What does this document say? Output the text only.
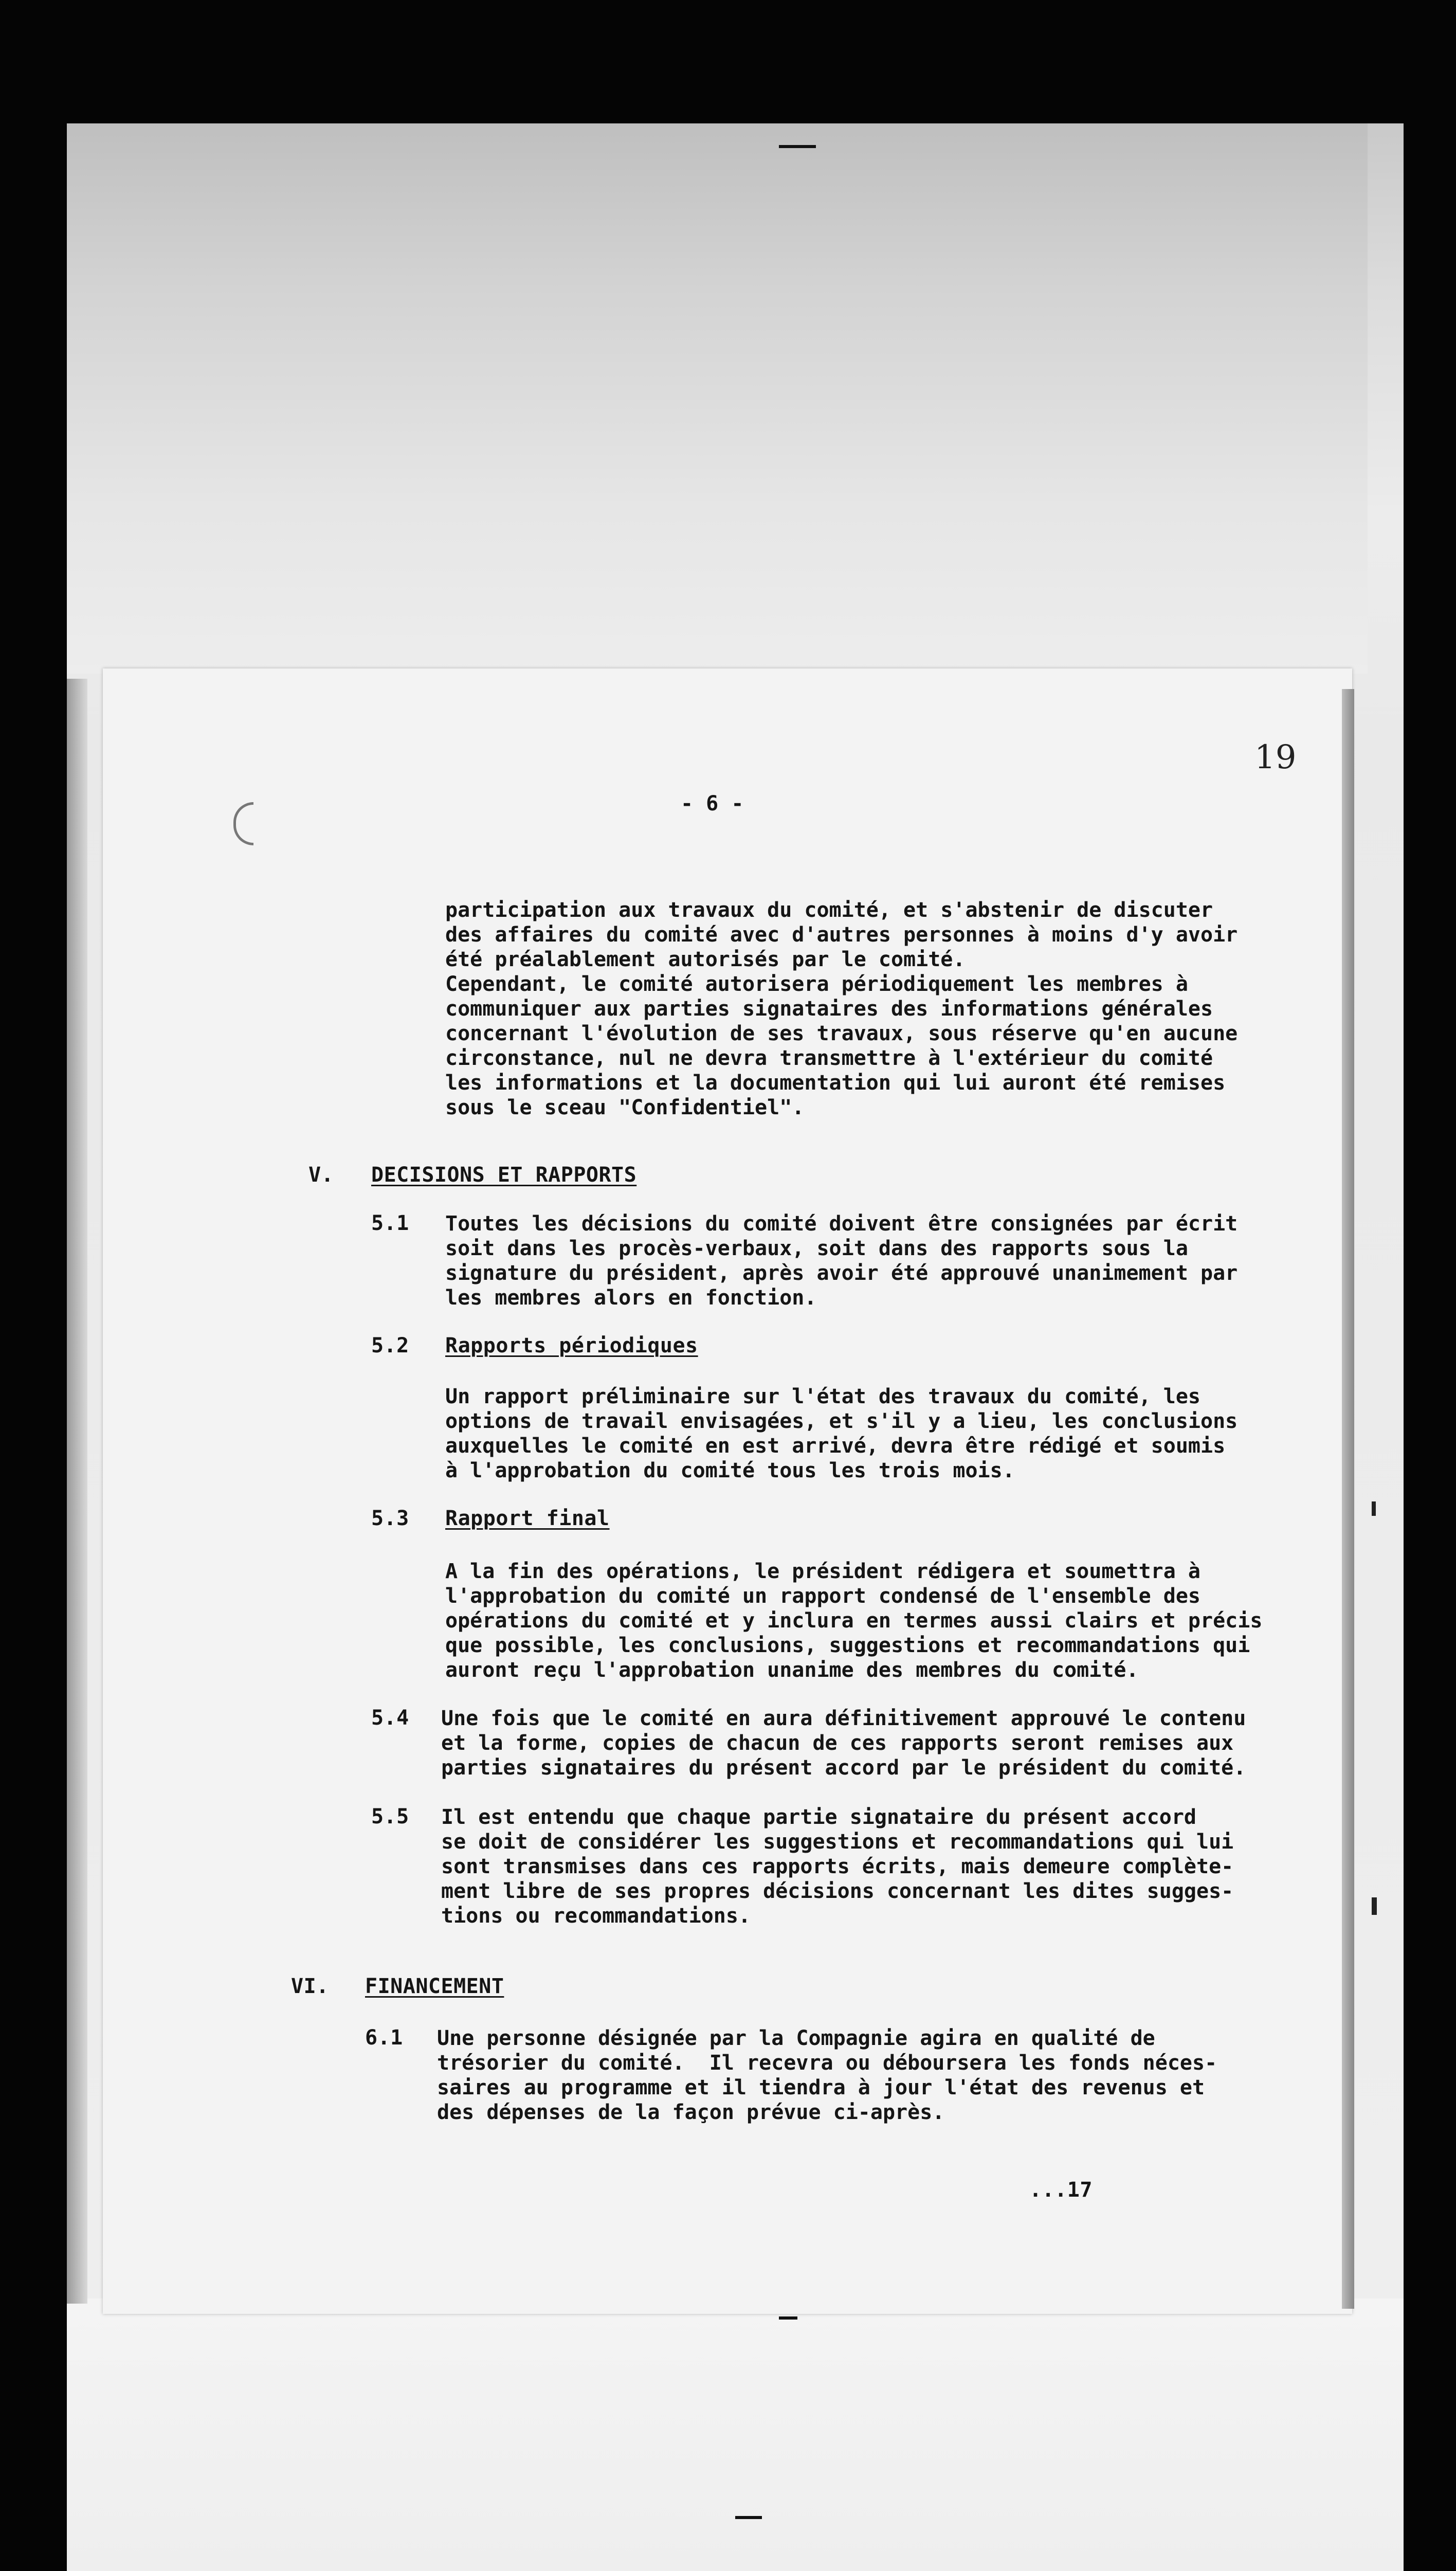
19
- 6 -
participation aux travaux du comité, et s'abstenir de discuter
des affaires du comité avec d'autres personnes à moins d'y avoir
été préalablement autorisés par le comité.
Cependant, le comité autorisera périodiquement les membres à
communiquer aux parties signataires des informations générales
concernant l'évolution de ses travaux, sous réserve qu'en aucune
circonstance, nul ne devra transmettre à l'extérieur du comité
les informations et la documentation qui lui auront été remises
sous le sceau "Confidentiel".
V. DECISIONS ET RAPPORTS
5.1 Toutes les décisions du comité doivent être consignées par écrit
soit dans les procès-verbaux, soit dans des rapports sous la
signature du président, après avoir été approuvé unanimement par
les membres alors en fonction.
5.2 Rapports périodiques
Un rapport préliminaire sur l'état des travaux du comité, les
options de travail envisagées, et s'il y a lieu, les conclusions
auxquelles le comité en est arrivé, devra être rédigé et soumis
à l'approbation du comité tous les trois mois.
5.3 Rapport final
A la fin des opérations, le président rédigera et soumettra à
l'approbation du comité un rapport condensé de l'ensemble des
opérations du comité et y inclura en termes aussi clairs et précis
que possible, les conclusions, suggestions et recommandations qui
auront reçu l'approbation unanime des membres du comité.
5.4 Une fois que le comité en aura définitivement approuvé le contenu
et la forme, copies de chacun de ces rapports seront remises aux
parties signataires du présent accord par le président du comité.
5.5 Il est entendu que chaque partie signataire du présent accord
se doit de considérer les suggestions et recommandations qui lui
sont transmises dans ces rapports écrits, mais demeure complète-
ment libre de ses propres décisions concernant les dites sugges-
tions ou recommandations.
VI. FINANCEMENT
6.1 Une personne désignée par la Compagnie agira en qualité de
trésorier du comité.  Il recevra ou déboursera les fonds néces-
saires au programme et il tiendra à jour l'état des revenus et
des dépenses de la façon prévue ci-après.
...17
